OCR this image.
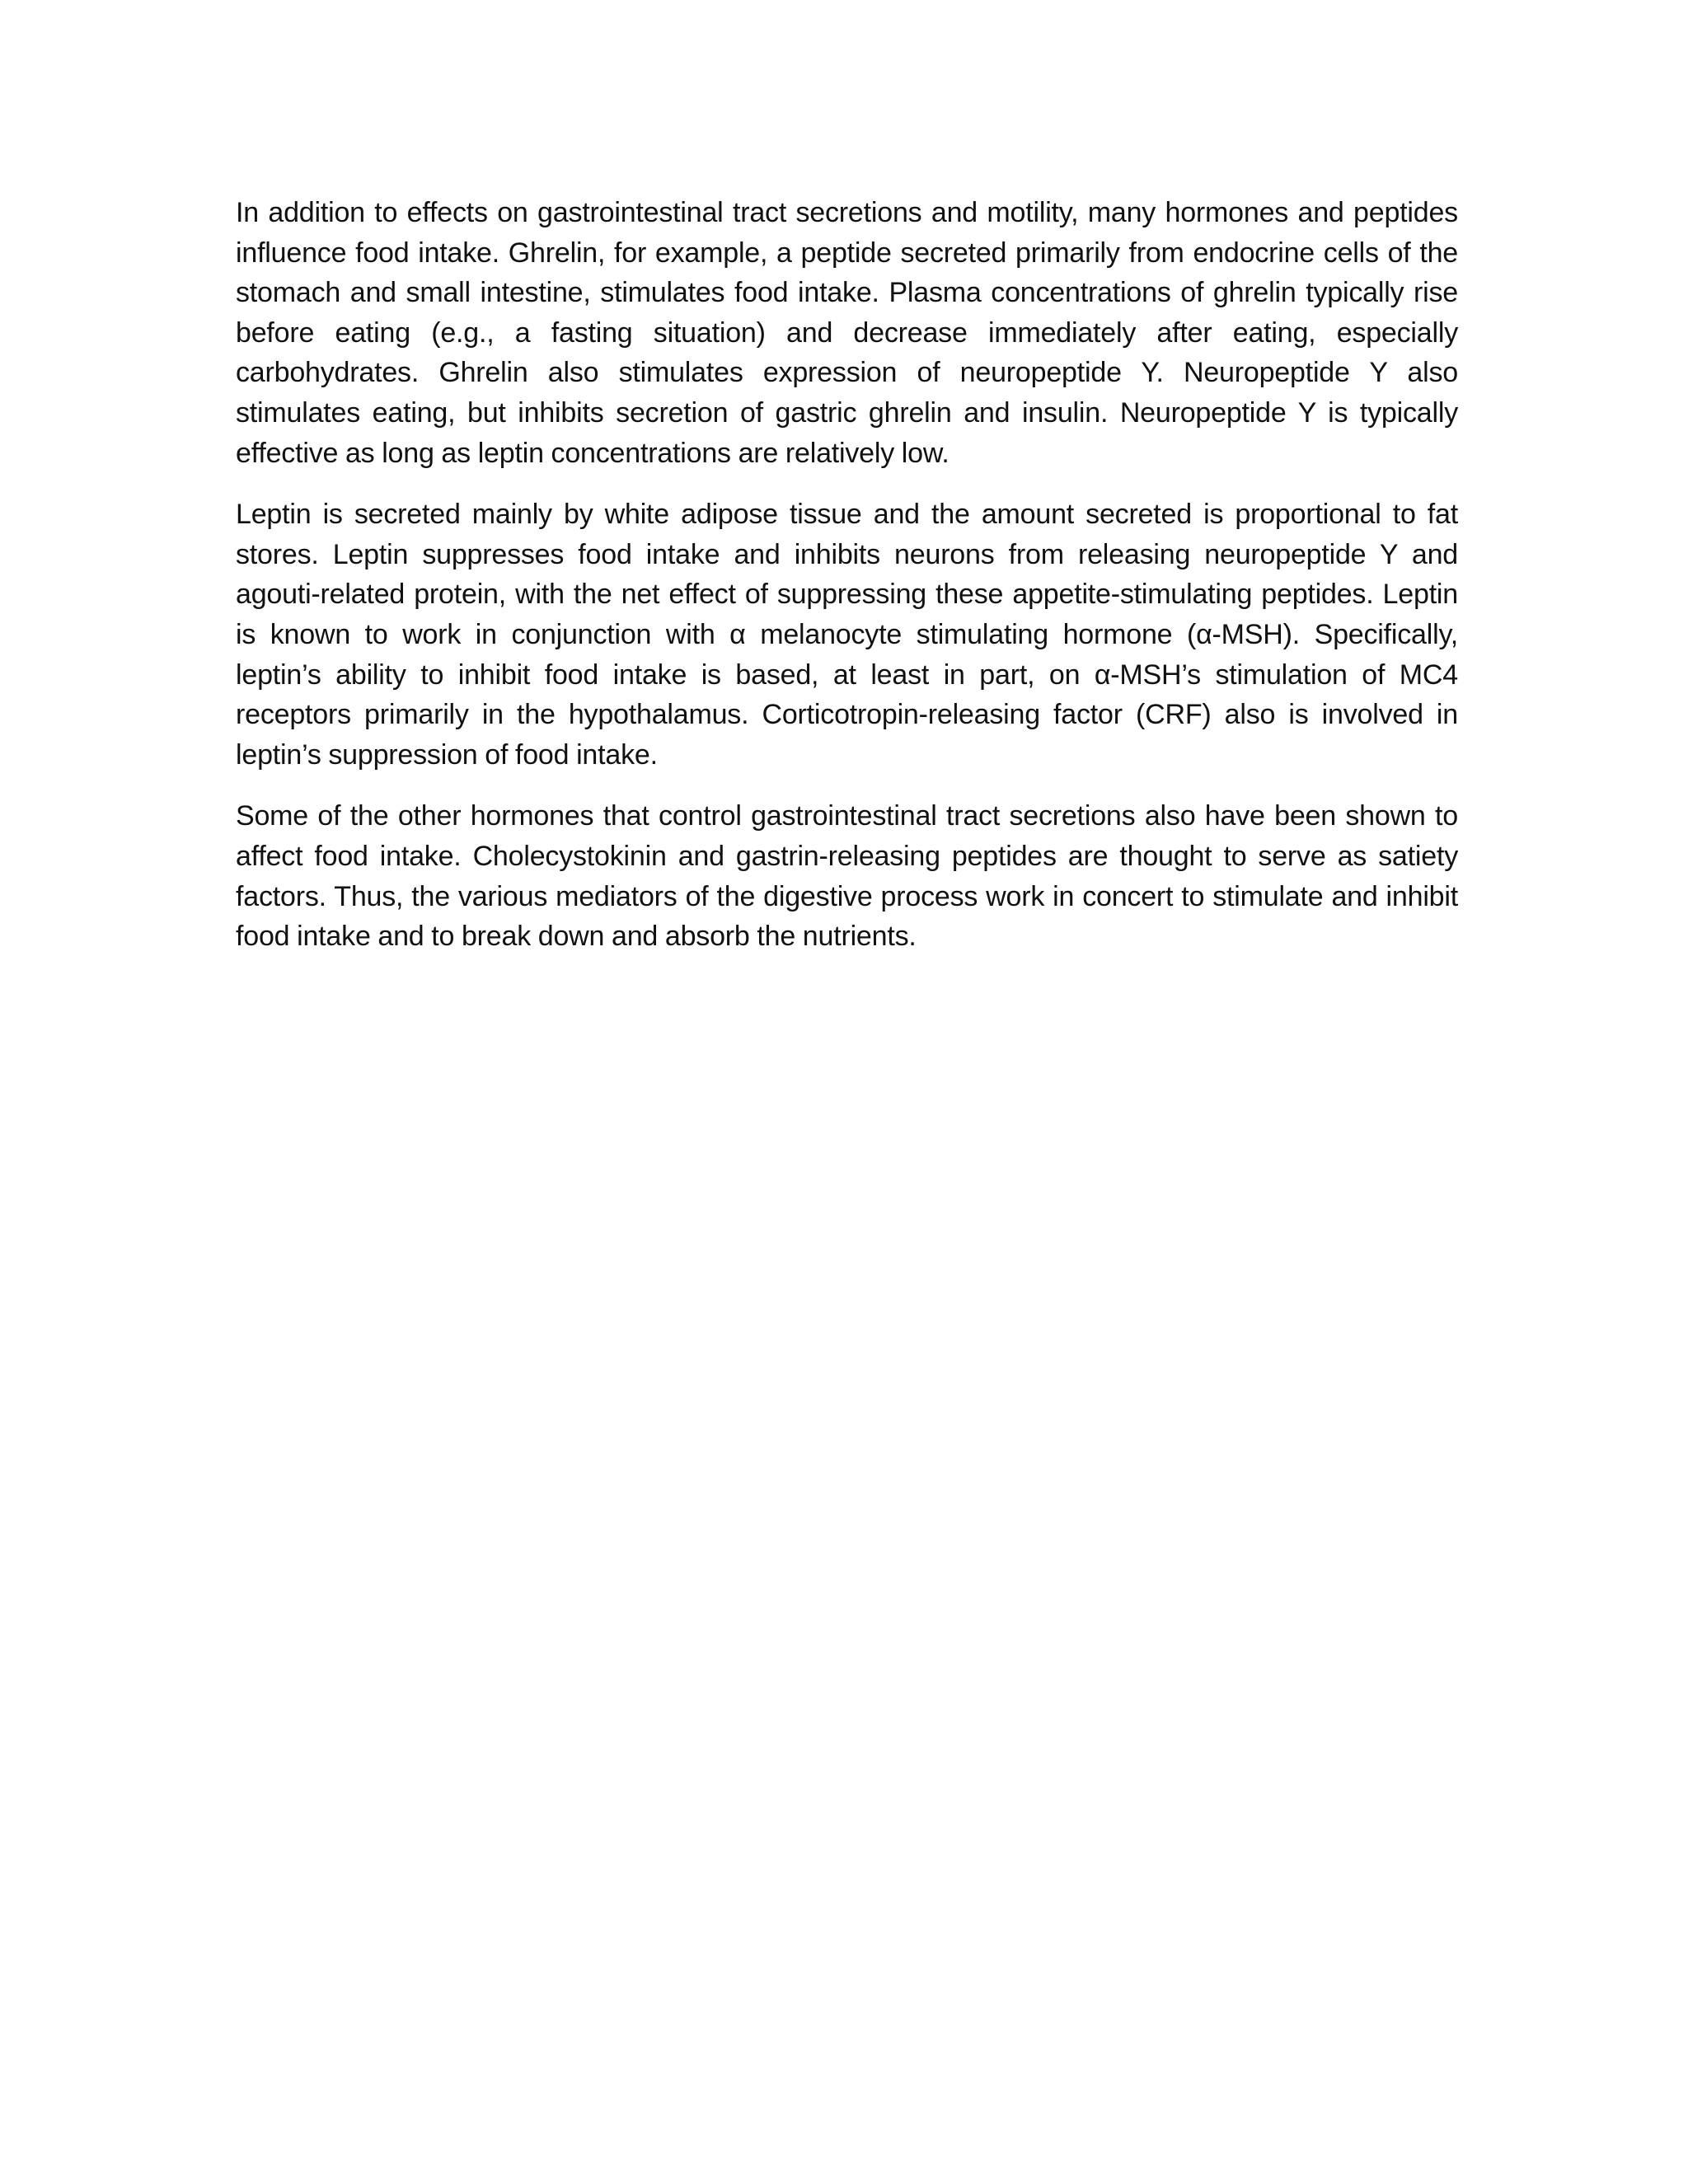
In addition to effects on gastrointestinal tract secretions and motility, many hormones and peptides influence food intake. Ghrelin, for example, a peptide secreted primarily from endocrine cells of the stomach and small intestine, stimulates food intake. Plasma concentrations of ghrelin typically rise before eating (e.g., a fasting situation) and decrease immediately after eating, especially carbohydrates. Ghrelin also stimulates expression of neuropeptide Y. Neuropeptide Y also stimulates eating, but inhibits secretion of gastric ghrelin and insulin. Neuropeptide Y is typically effective as long as leptin concentrations are relatively low.

Leptin is secreted mainly by white adipose tissue and the amount secreted is proportional to fat stores. Leptin suppresses food intake and inhibits neurons from releasing neuropeptide Y and agouti-related protein, with the net effect of suppressing these appetite-stimulating peptides. Leptin is known to work in conjunction with α melanocyte stimulating hormone (α-MSH). Specifically, leptin’s ability to inhibit food intake is based, at least in part, on α-MSH’s stimulation of MC4 receptors primarily in the hypothalamus. Corticotropin-releasing factor (CRF) also is involved in leptin’s suppression of food intake.

Some of the other hormones that control gastrointestinal tract secretions also have been shown to affect food intake. Cholecystokinin and gastrin-releasing peptides are thought to serve as satiety factors. Thus, the various mediators of the digestive process work in concert to stimulate and inhibit food intake and to break down and absorb the nutrients.
